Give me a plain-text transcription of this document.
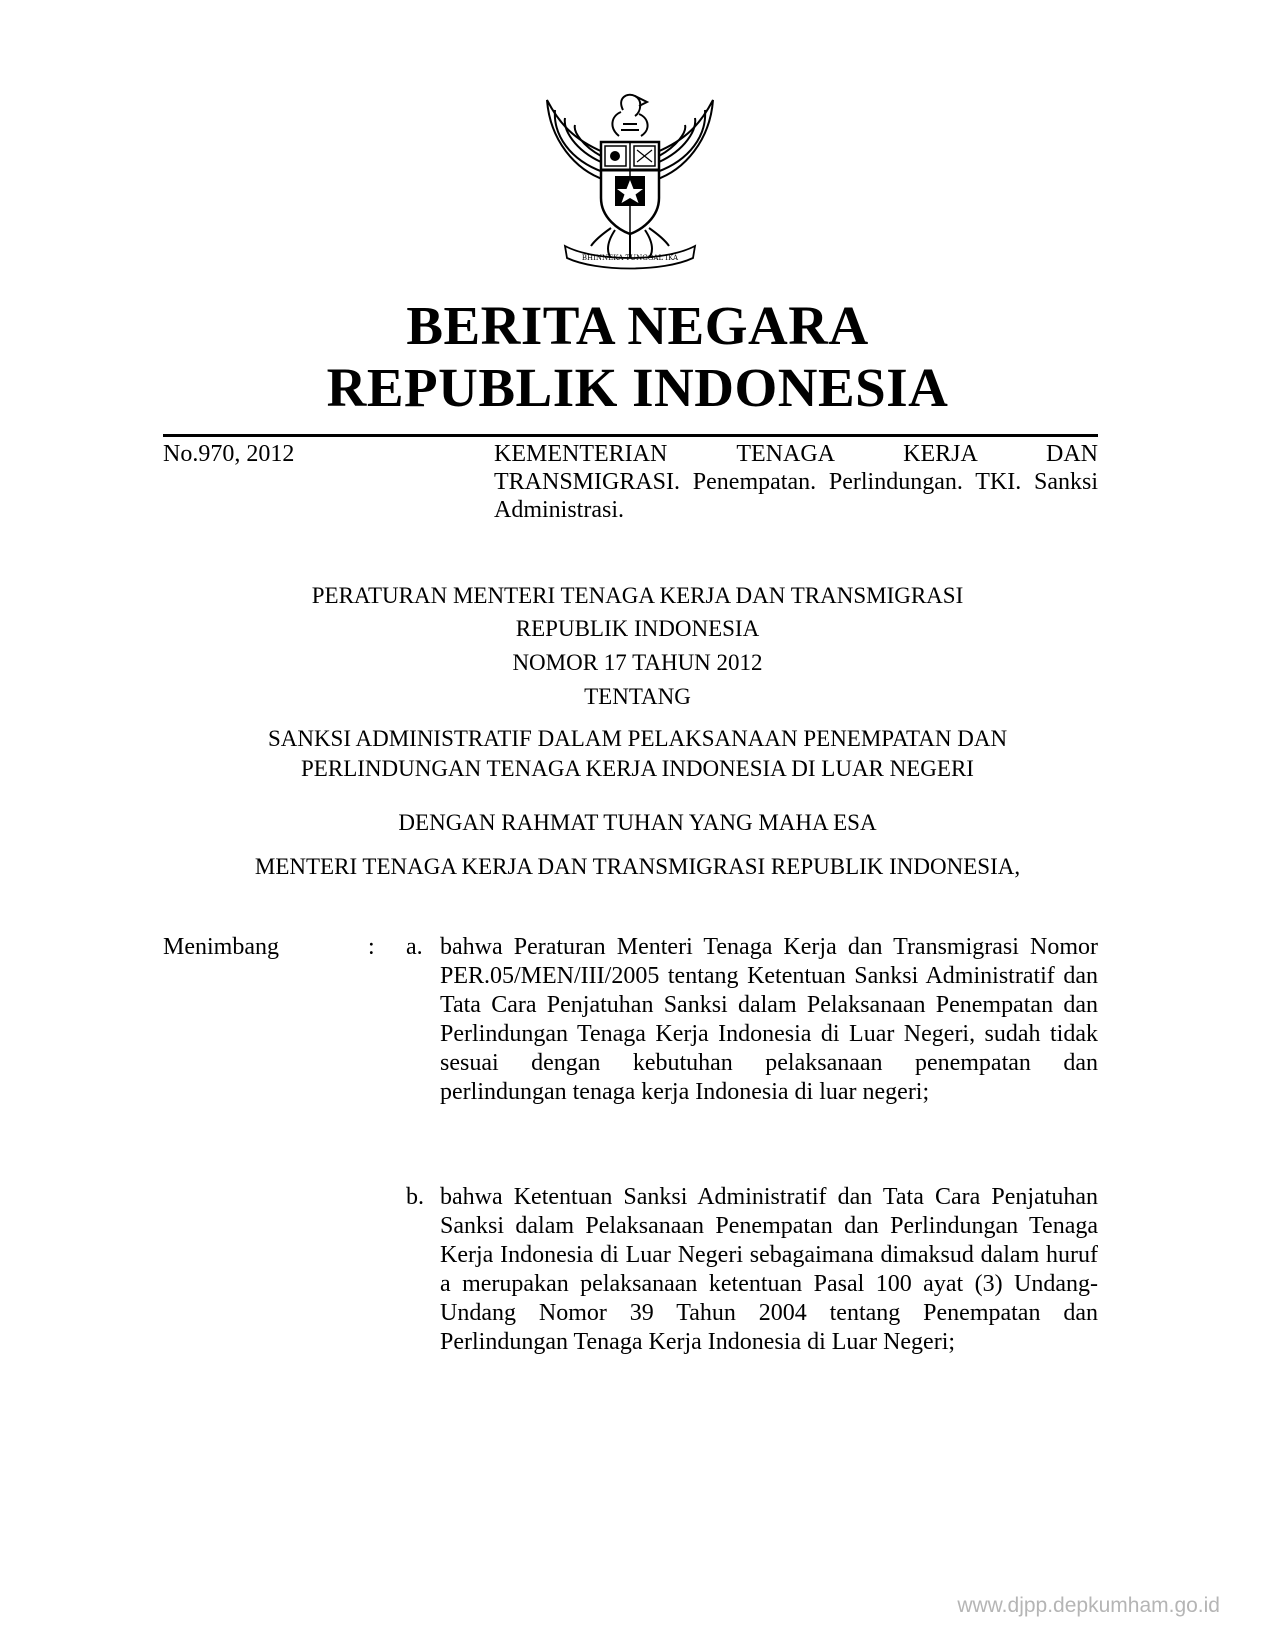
BHINNEKA TUNGGAL IKA
BERITA NEGARA
REPUBLIK INDONESIA
No.970, 2012	KEMENTERIAN TENAGA KERJA DAN TRANSMIGRASI. Penempatan. Perlindungan. TKI. Sanksi Administrasi.
PERATURAN MENTERI TENAGA KERJA DAN TRANSMIGRASI
REPUBLIK INDONESIA
NOMOR 17 TAHUN 2012
TENTANG
SANKSI ADMINISTRATIF DALAM PELAKSANAAN PENEMPATAN DAN PERLINDUNGAN TENAGA KERJA INDONESIA DI LUAR NEGERI
DENGAN RAHMAT TUHAN YANG MAHA ESA
MENTERI TENAGA KERJA DAN TRANSMIGRASI REPUBLIK INDONESIA,
Menimbang	: a. bahwa Peraturan Menteri Tenaga Kerja dan Transmigrasi Nomor PER.05/MEN/III/2005 tentang Ketentuan Sanksi Administratif dan Tata Cara Penjatuhan Sanksi dalam Pelaksanaan Penempatan dan Perlindungan Tenaga Kerja Indonesia di Luar Negeri, sudah tidak sesuai dengan kebutuhan pelaksanaan penempatan dan perlindungan tenaga kerja Indonesia di luar negeri;
b. bahwa Ketentuan Sanksi Administratif dan Tata Cara Penjatuhan Sanksi dalam Pelaksanaan Penempatan dan Perlindungan Tenaga Kerja Indonesia di Luar Negeri sebagaimana dimaksud dalam huruf a merupakan pelaksanaan ketentuan Pasal 100 ayat (3) Undang-Undang Nomor 39 Tahun 2004 tentang Penempatan dan Perlindungan Tenaga Kerja Indonesia di Luar Negeri;
www.djpp.depkumham.go.id
